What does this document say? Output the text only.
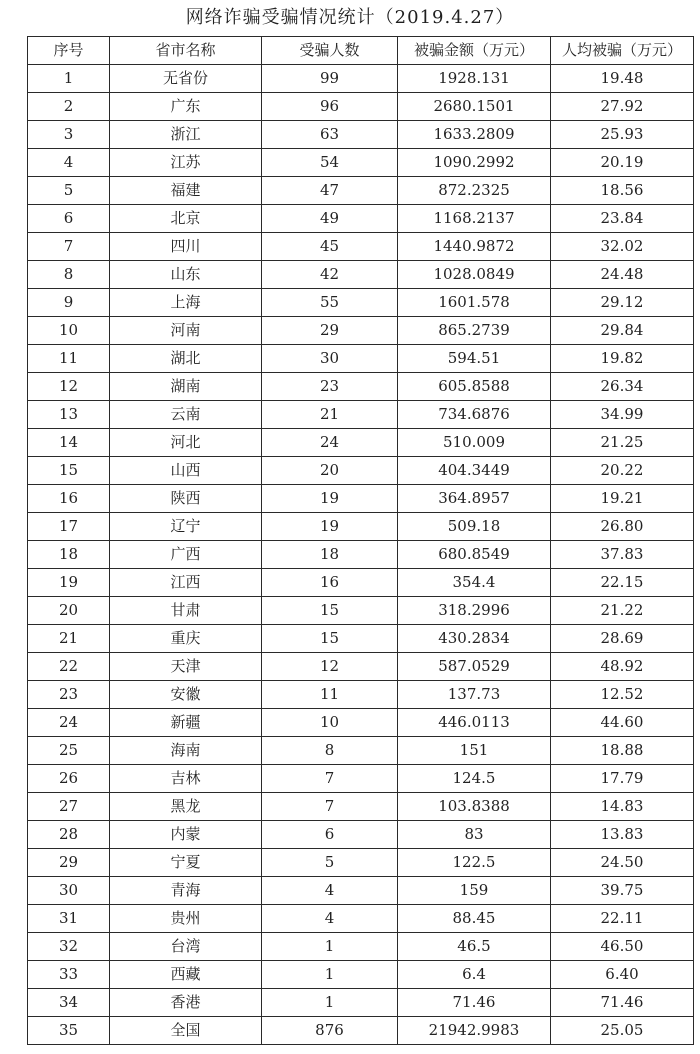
网络诈骗受骗情况统计（2019.4.27）
序号	省市名称	受骗人数	被骗金额（万元）	人均被骗（万元）
1	无省份	99	1928.131	19.48
2	广东	96	2680.1501	27.92
3	浙江	63	1633.2809	25.93
4	江苏	54	1090.2992	20.19
5	福建	47	872.2325	18.56
6	北京	49	1168.2137	23.84
7	四川	45	1440.9872	32.02
8	山东	42	1028.0849	24.48
9	上海	55	1601.578	29.12
10	河南	29	865.2739	29.84
11	湖北	30	594.51	19.82
12	湖南	23	605.8588	26.34
13	云南	21	734.6876	34.99
14	河北	24	510.009	21.25
15	山西	20	404.3449	20.22
16	陕西	19	364.8957	19.21
17	辽宁	19	509.18	26.80
18	广西	18	680.8549	37.83
19	江西	16	354.4	22.15
20	甘肃	15	318.2996	21.22
21	重庆	15	430.2834	28.69
22	天津	12	587.0529	48.92
23	安徽	11	137.73	12.52
24	新疆	10	446.0113	44.60
25	海南	8	151	18.88
26	吉林	7	124.5	17.79
27	黑龙	7	103.8388	14.83
28	内蒙	6	83	13.83
29	宁夏	5	122.5	24.50
30	青海	4	159	39.75
31	贵州	4	88.45	22.11
32	台湾	1	46.5	46.50
33	西藏	1	6.4	6.40
34	香港	1	71.46	71.46
35	全国	876	21942.9983	25.05
